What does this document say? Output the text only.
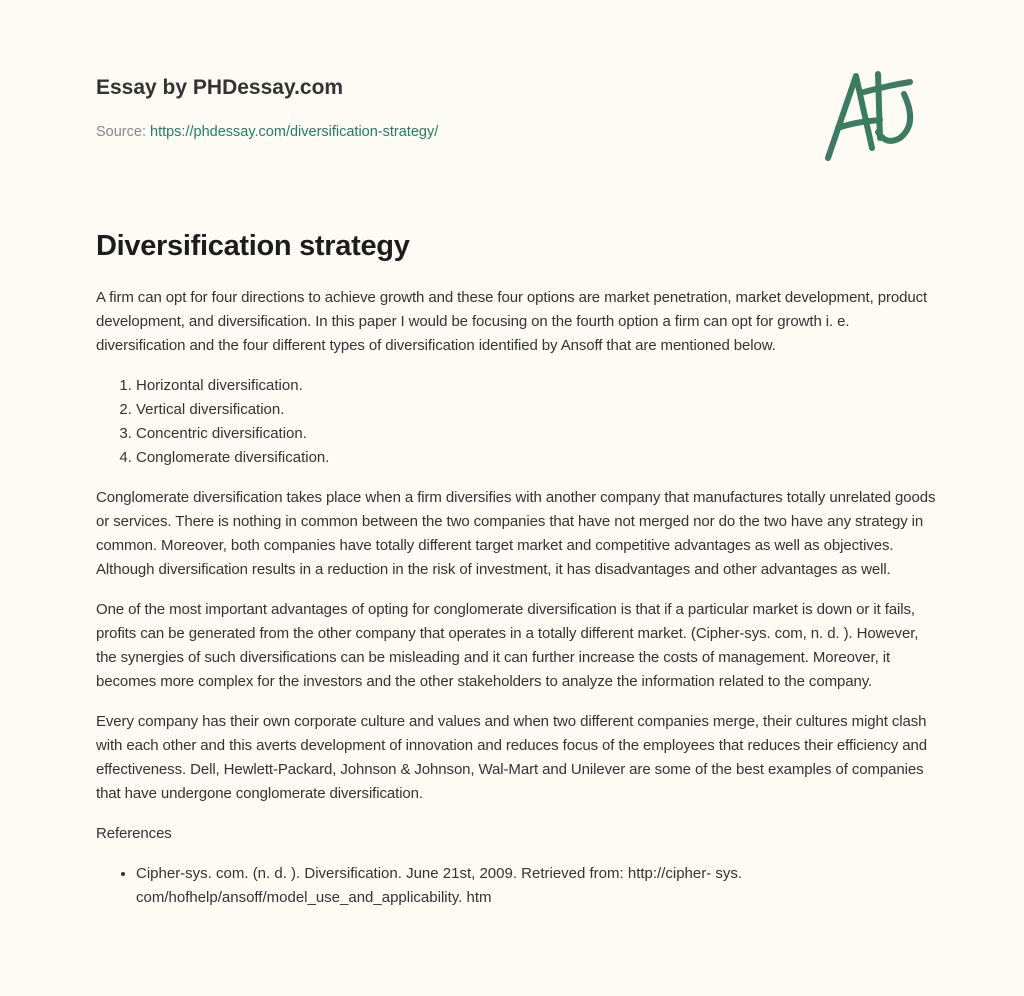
Essay by PHDessay.com
Source: https://phdessay.com/diversification-strategy/
Diversification strategy

A firm can opt for four directions to achieve growth and these four options are market penetration, market development, product development, and diversification. In this paper I would be focusing on the fourth option a firm can opt for growth i. e. diversification and the four different types of diversification identified by Ansoff that are mentioned below.

1. Horizontal diversification.
2. Vertical diversification.
3. Concentric diversification.
4. Conglomerate diversification.

Conglomerate diversification takes place when a firm diversifies with another company that manufactures totally unrelated goods or services. There is nothing in common between the two companies that have not merged nor do the two have any strategy in common. Moreover, both companies have totally different target market and competitive advantages as well as objectives. Although diversification results in a reduction in the risk of investment, it has disadvantages and other advantages as well.

One of the most important advantages of opting for conglomerate diversification is that if a particular market is down or it fails, profits can be generated from the other company that operates in a totally different market. (Cipher-sys. com, n. d. ). However, the synergies of such diversifications can be misleading and it can further increase the costs of management. Moreover, it becomes more complex for the investors and the other stakeholders to analyze the information related to the company.

Every company has their own corporate culture and values and when two different companies merge, their cultures might clash with each other and this averts development of innovation and reduces focus of the employees that reduces their efficiency and effectiveness. Dell, Hewlett-Packard, Johnson & Johnson, Wal-Mart and Unilever are some of the best examples of companies that have undergone conglomerate diversification.

References

• Cipher-sys. com. (n. d. ). Diversification. June 21st, 2009. Retrieved from: http://cipher- sys. com/hofhelp/ansoff/model_use_and_applicability. htm
